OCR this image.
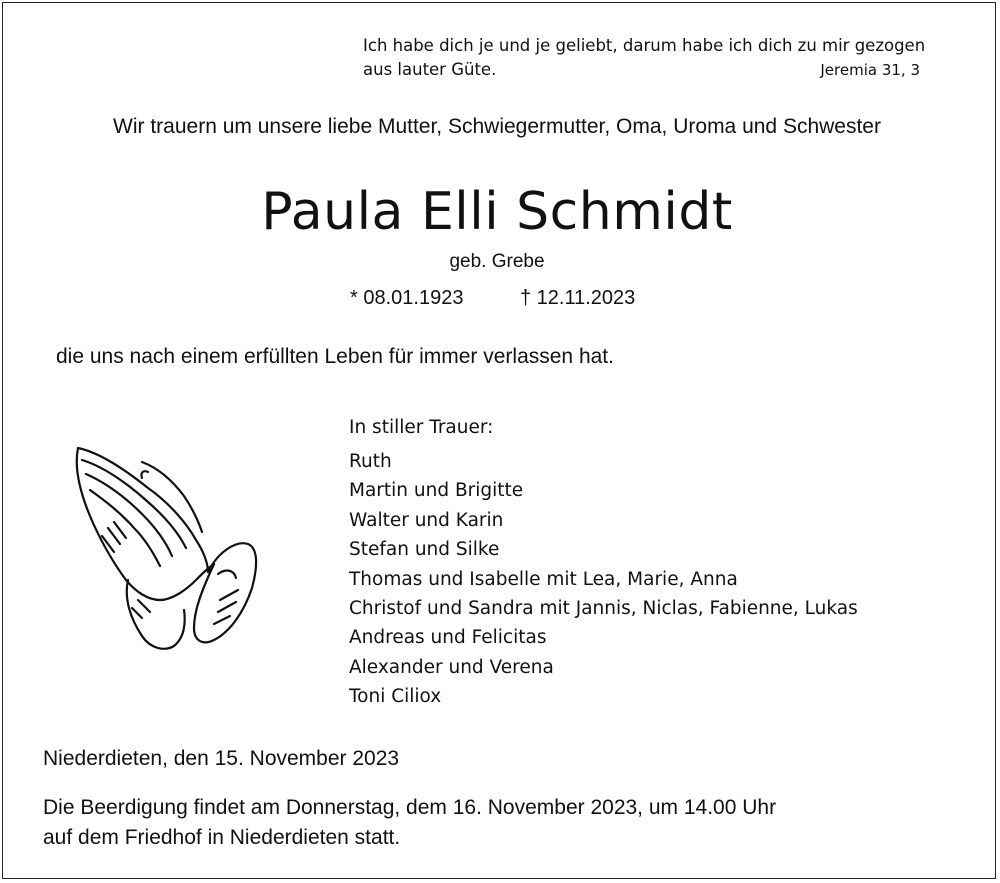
Ich habe dich je und je geliebt, darum habe ich dich zu mir gezogen
aus lauter Güte.	Jeremia 31, 3
Wir trauern um unsere liebe Mutter, Schwiegermutter, Oma, Uroma und Schwester
Paula Elli Schmidt
geb. Grebe
* 08.01.1923	† 12.11.2023
die uns nach einem erfüllten Leben für immer verlassen hat.
In stiller Trauer:
Ruth
Martin und Brigitte
Walter und Karin
Stefan und Silke
Thomas und Isabelle mit Lea, Marie, Anna
Christof und Sandra mit Jannis, Niclas, Fabienne, Lukas
Andreas und Felicitas
Alexander und Verena
Toni Ciliox
Niederdieten, den 15. November 2023
Die Beerdigung findet am Donnerstag, dem 16. November 2023, um 14.00 Uhr
auf dem Friedhof in Niederdieten statt.
